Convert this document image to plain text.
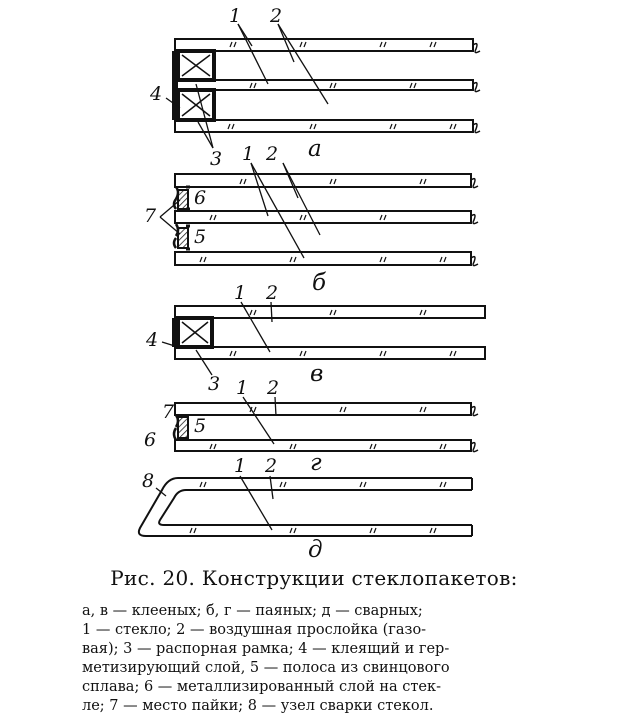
1 2
4
3	а
1 2
6
7
5
б
1 2
4
3	в
1 2
7
5
6
г
1 2
8
д
Рис. 20. Конструкции стеклопакетов:
а, в — клееных; б, г — паяных; д — сварных;
1 — стекло; 2 — воздушная прослойка (газо-
вая); 3 — распорная рамка; 4 — клеящий и гер-
метизирующий слой, 5 — полоса из свинцового
сплава; 6 — металлизированный слой на стек-
ле; 7 — место пайки; 8 — узел сварки стекол.
